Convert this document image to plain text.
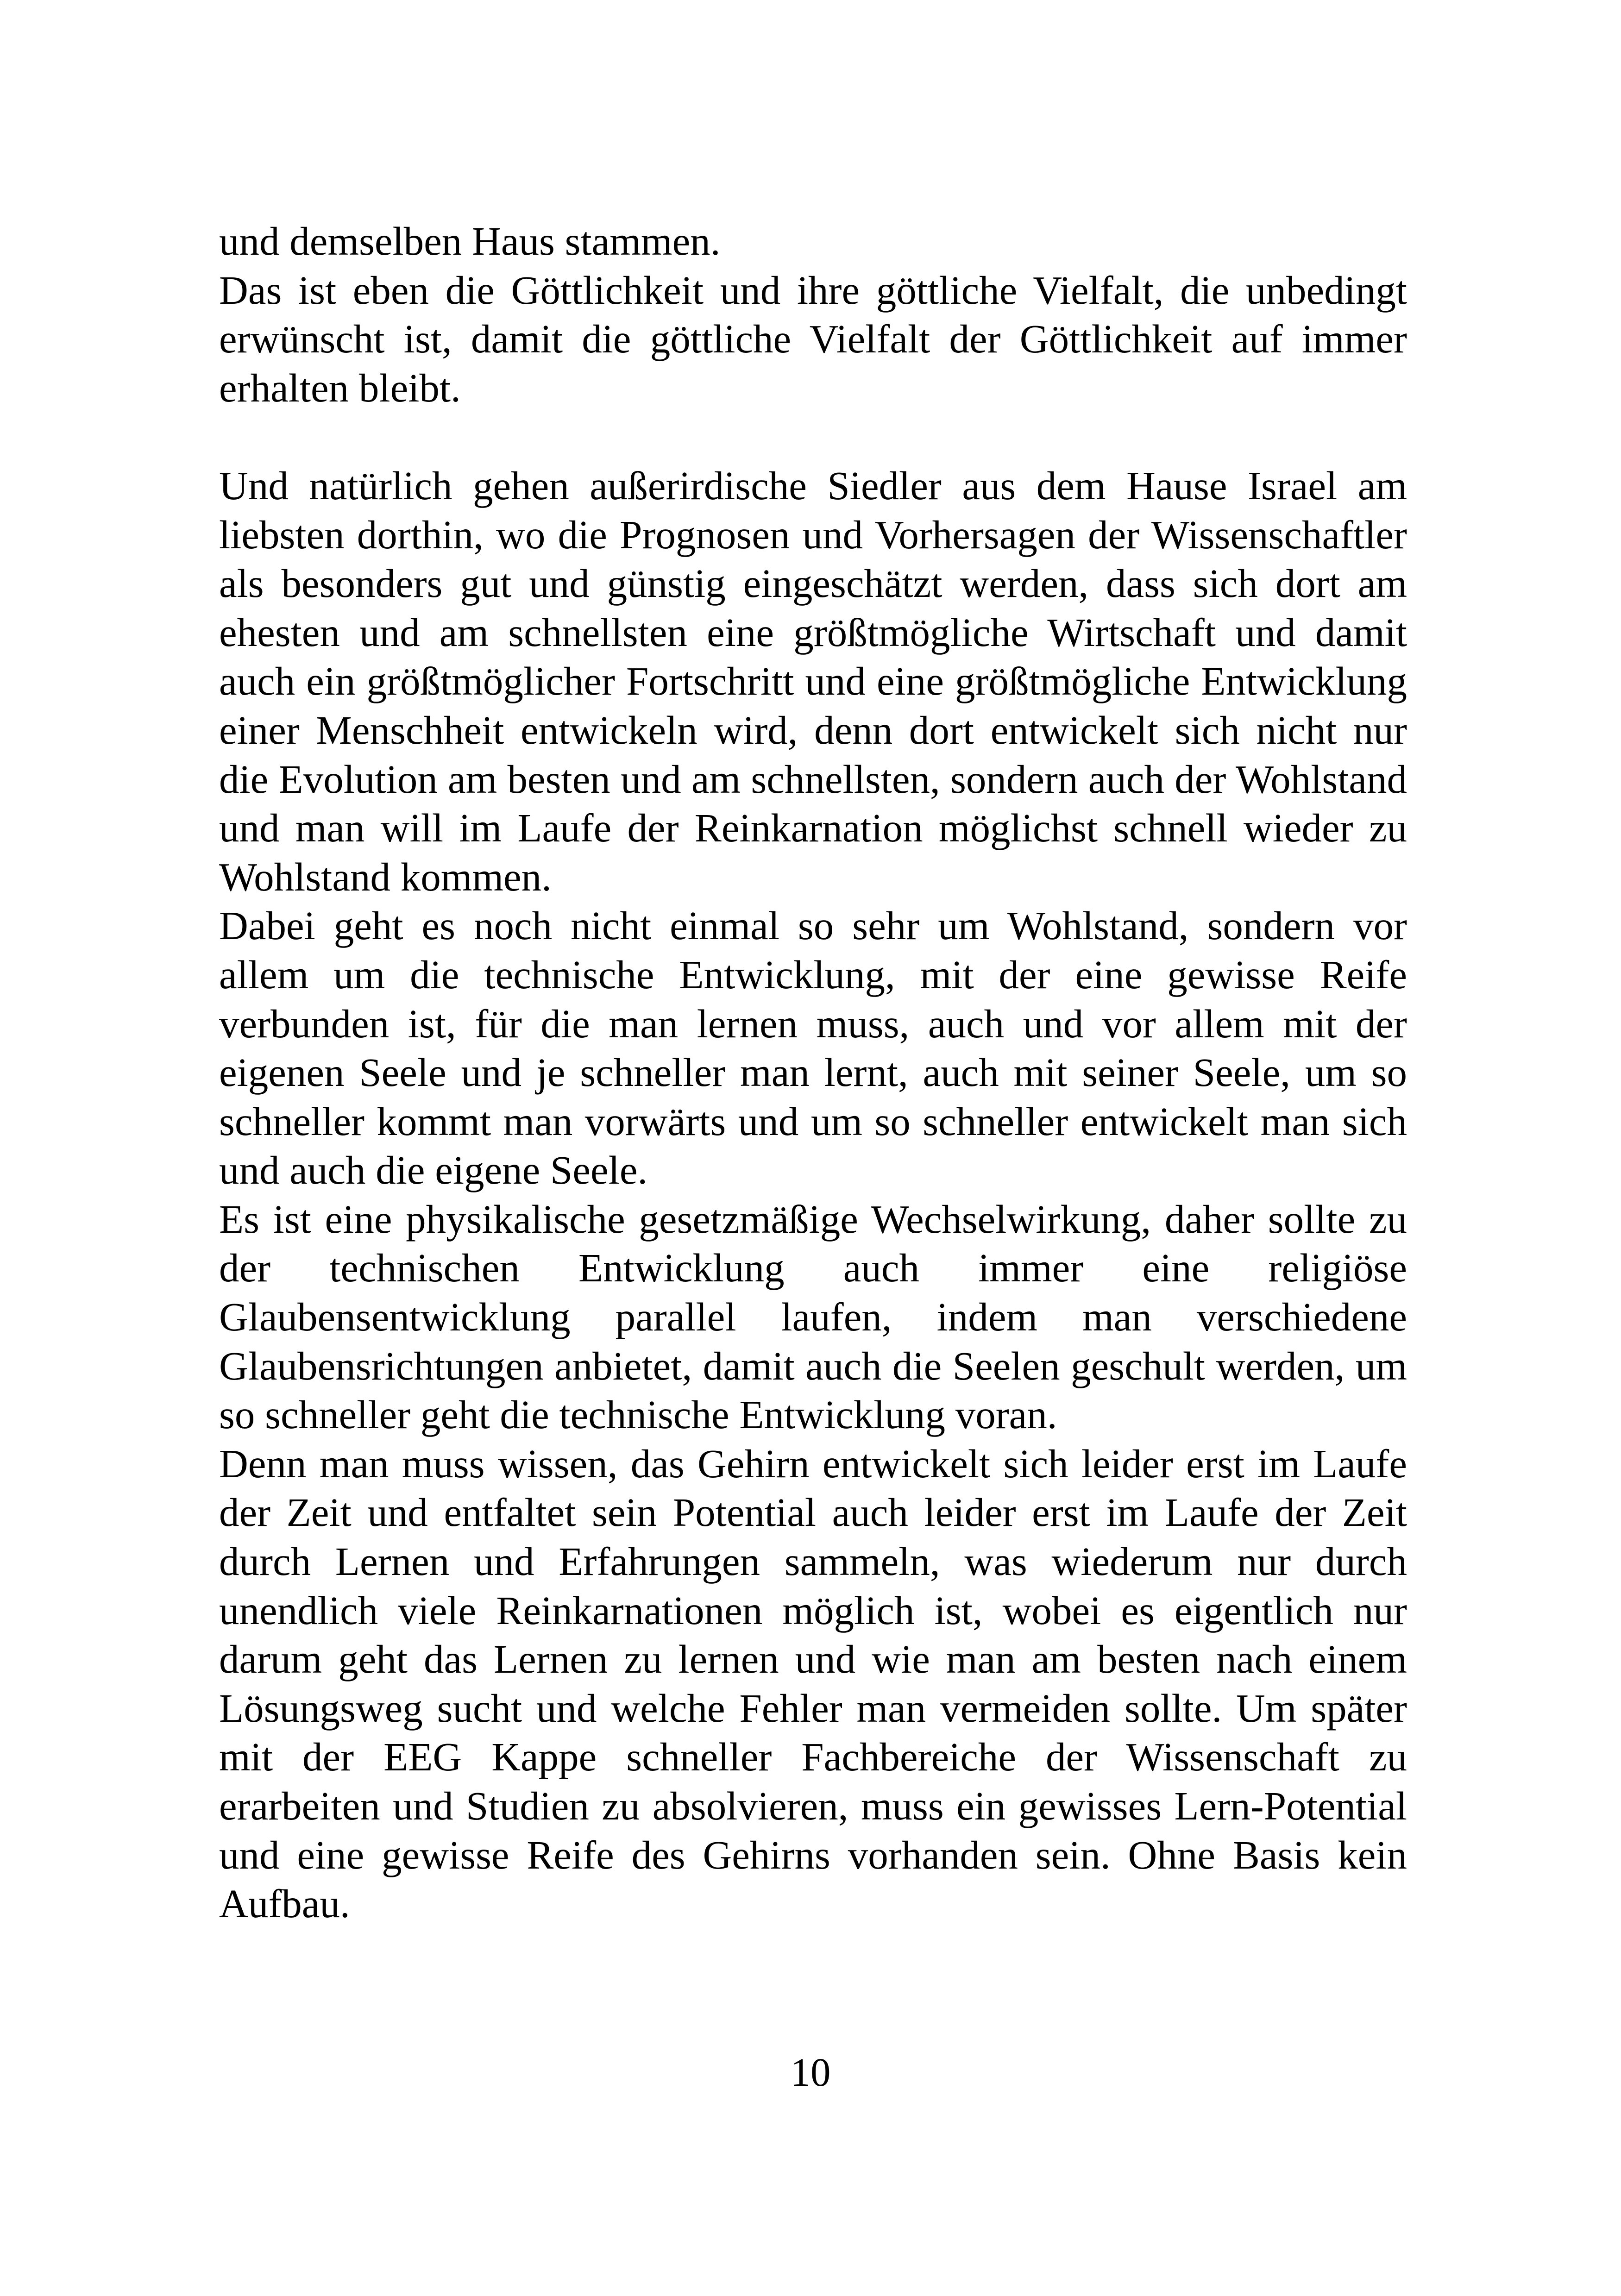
und demselben Haus stammen.

Das ist eben die Göttlichkeit und ihre göttliche Vielfalt, die unbedingt erwünscht ist, damit die göttliche Vielfalt der Göttlichkeit auf immer erhalten bleibt.

Und natürlich gehen außerirdische Siedler aus dem Hause Israel am liebsten dorthin, wo die Prognosen und Vorhersagen der Wissenschaftler als besonders gut und günstig eingeschätzt werden, dass sich dort am ehesten und am schnellsten eine größtmögliche Wirtschaft und damit auch ein größtmöglicher Fortschritt und eine größtmögliche Entwicklung einer Menschheit entwickeln wird, denn dort entwickelt sich nicht nur die Evolution am besten und am schnellsten, sondern auch der Wohlstand und man will im Laufe der Reinkarnation möglichst schnell wieder zu Wohlstand kommen.

Dabei geht es noch nicht einmal so sehr um Wohlstand, sondern vor allem um die technische Entwicklung, mit der eine gewisse Reife verbunden ist, für die man lernen muss, auch und vor allem mit der eigenen Seele und je schneller man lernt, auch mit seiner Seele, um so schneller kommt man vorwärts und um so schneller entwickelt man sich und auch die eigene Seele.

Es ist eine physikalische gesetzmäßige Wechselwirkung, daher sollte zu der technischen Entwicklung auch immer eine religiöse Glaubensentwicklung parallel laufen, indem man verschiedene Glaubensrichtungen anbietet, damit auch die Seelen geschult werden, um so schneller geht die technische Entwicklung voran.

Denn man muss wissen, das Gehirn entwickelt sich leider erst im Laufe der Zeit und entfaltet sein Potential auch leider erst im Laufe der Zeit durch Lernen und Erfahrungen sammeln, was wiederum nur durch unendlich viele Reinkarnationen möglich ist, wobei es eigentlich nur darum geht das Lernen zu lernen und wie man am besten nach einem Lösungsweg sucht und welche Fehler man vermeiden sollte. Um später mit der EEG Kappe schneller Fachbereiche der Wissenschaft zu erarbeiten und Studien zu absolvieren, muss ein gewisses Lern-Potential und eine gewisse Reife des Gehirns vorhanden sein. Ohne Basis kein Aufbau.

10
